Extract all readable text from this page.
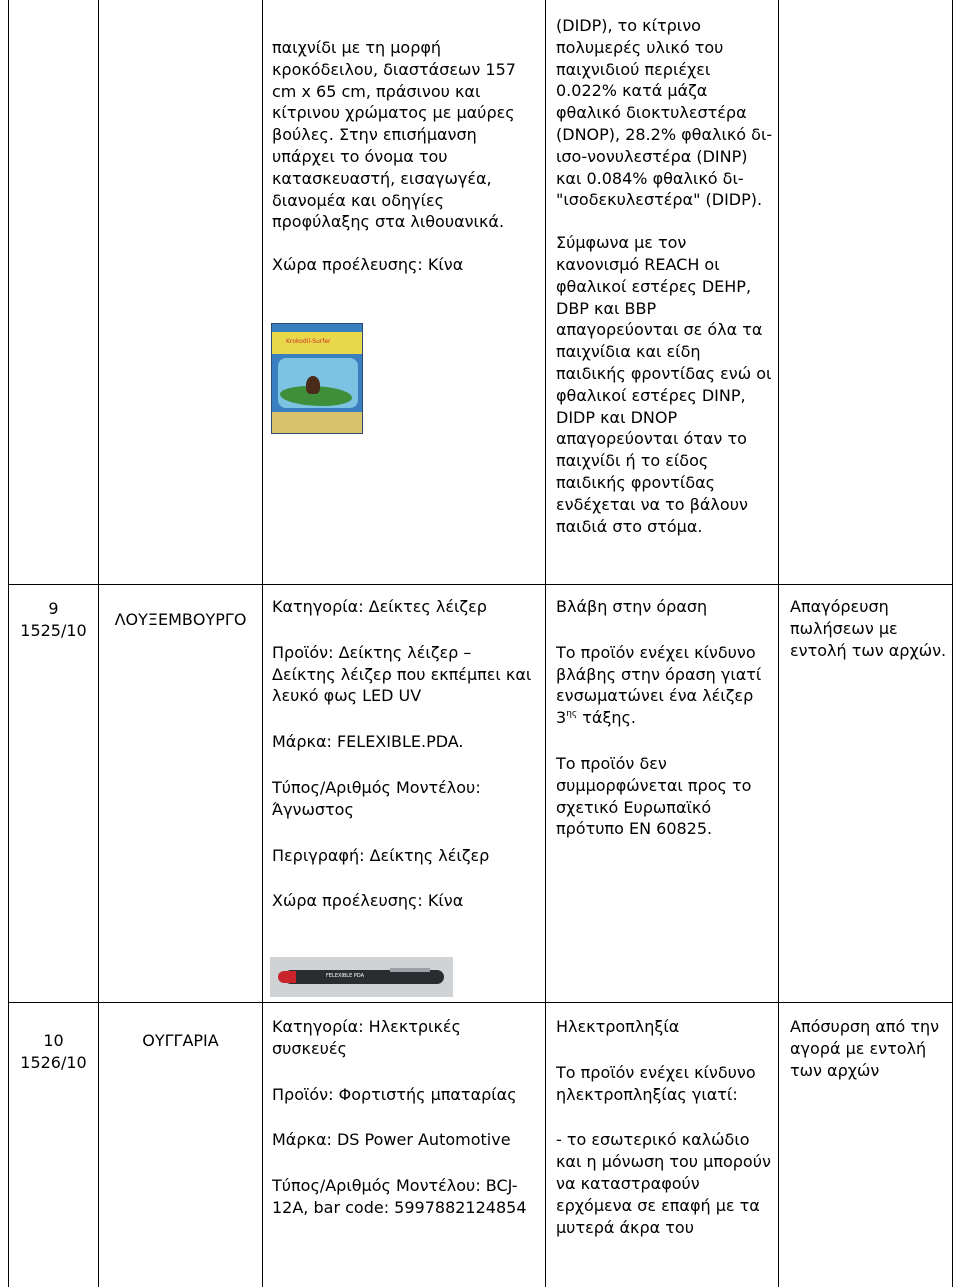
παιχνίδι με τη μορφή κροκόδειλου, διαστάσεων 157 cm x 65 cm, πράσινου και κίτρινου χρώματος με μαύρες βούλες. Στην επισήμανση υπάρχει το όνομα του κατασκευαστή, εισαγωγέα, διανομέα και οδηγίες προφύλαξης στα λιθουανικά.

Χώρα προέλευσης: Κίνα

Krokodil-Surfer

(DIDP), το κίτρινο πολυμερές υλικό του παιχνιδιού περιέχει 0.022% κατά μάζα φθαλικό διοκτυλεστέρα (DNOP), 28.2% φθαλικό δι-ισο-νονυλεστέρα (DINP) και 0.084% φθαλικό δι-"ισοδεκυλεστέρα" (DIDP).

Σύμφωνα με τον κανονισμό REACH οι φθαλικοί εστέρες DEHP, DBP και BBP απαγορεύονται σε όλα τα παιχνίδια και είδη παιδικής φροντίδας ενώ οι φθαλικοί εστέρες DINP, DIDP και DNOP απαγορεύονται όταν το παιχνίδι ή το είδος παιδικής φροντίδας ενδέχεται να το βάλουν παιδιά στο στόμα.

9

1525/10

ΛΟΥΞΕΜΒΟΥΡΓΟ

Κατηγορία: Δείκτες λέιζερ

Προϊόν: Δείκτης λέιζερ – Δείκτης λέιζερ που εκπέμπει και λευκό φως LED UV

Μάρκα: FELEXIBLE.PDA.

Τύπος/Αριθμός Μοντέλου: Άγνωστος

Περιγραφή: Δείκτης λέιζερ

Χώρα προέλευσης: Κίνα

FELEXIBLE PDA

Βλάβη στην όραση

Το προϊόν ενέχει κίνδυνο βλάβης στην όραση γιατί ενσωματώνει ένα λέιζερ $3^{\eta\varsigma}$ τάξης.

Το προϊόν δεν συμμορφώνεται προς το σχετικό Ευρωπαϊκό πρότυπο EN 60825.

Απαγόρευση πωλήσεων με εντολή των αρχών.

10

1526/10

ΟΥΓΓΑΡΙΑ

Κατηγορία: Ηλεκτρικές συσκευές

Προϊόν: Φορτιστής μπαταρίας

Μάρκα: DS Power Automotive

Τύπος/Αριθμός Μοντέλου: BCJ-12A, bar code: 5997882124854

Ηλεκτροπληξία

Το προϊόν ενέχει κίνδυνο ηλεκτροπληξίας γιατί:

- το εσωτερικό καλώδιο και η μόνωση του μπορούν να καταστραφούν ερχόμενα σε επαφή με τα μυτερά άκρα του

Απόσυρση από την αγορά με εντολή των αρχών
